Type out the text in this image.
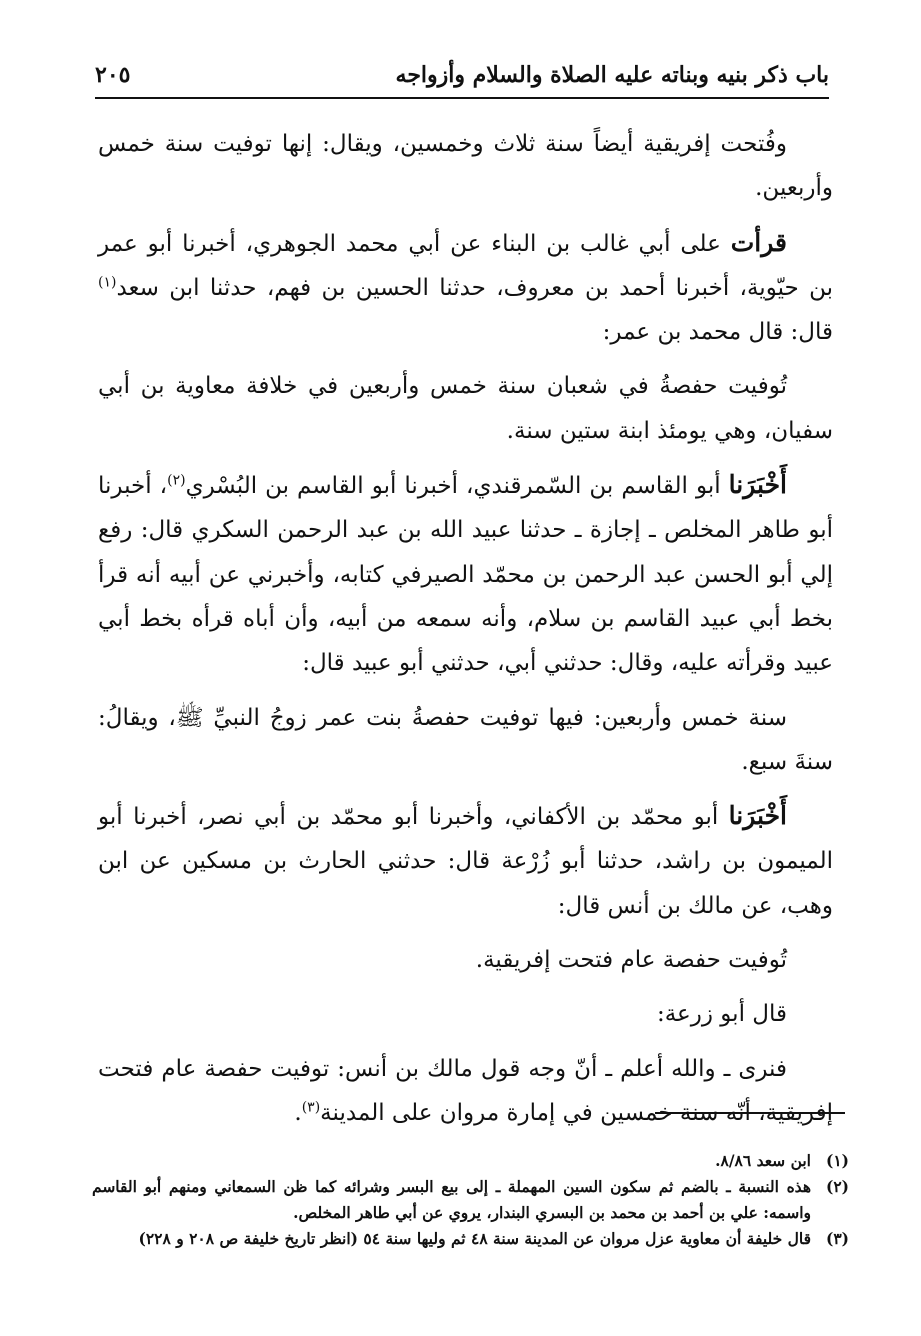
باب ذكر بنيه وبناته عليه الصلاة والسلام وأزواجه
٢٠٥

وفُتحت إفريقية أيضاً سنة ثلاث وخمسين، ويقال: إنها توفيت سنة خمس وأربعين.

قرأت على أبي غالب بن البناء عن أبي محمد الجوهري، أخبرنا أبو عمر بن حيّوية، أخبرنا أحمد بن معروف، حدثنا الحسين بن فهم، حدثنا ابن سعد$^{(١)}$ قال: قال محمد بن عمر:

تُوفيت حفصةُ في شعبان سنة خمس وأربعين في خلافة معاوية بن أبي سفيان، وهي يومئذ ابنة ستين سنة.

أَخْبَرَنا أبو القاسم بن السّمرقندي، أخبرنا أبو القاسم بن البُسْري$^{(٢)}$، أخبرنا أبو طاهر المخلص ـ إجازة ـ حدثنا عبيد الله بن عبد الرحمن السكري قال: رفع إلي أبو الحسن عبد الرحمن بن محمّد الصيرفي كتابه، وأخبرني عن أبيه أنه قرأ بخط أبي عبيد القاسم بن سلام، وأنه سمعه من أبيه، وأن أباه قرأه بخط أبي عبيد وقرأته عليه، وقال: حدثني أبي، حدثني أبو عبيد قال:

سنة خمس وأربعين: فيها توفيت حفصةُ بنت عمر زوجُ النبيِّ ﷺ، ويقالُ: سنةَ سبع.

أَخْبَرَنا أبو محمّد بن الأكفاني، وأخبرنا أبو محمّد بن أبي نصر، أخبرنا أبو الميمون بن راشد، حدثنا أبو زُرْعة قال: حدثني الحارث بن مسكين عن ابن وهب، عن مالك بن أنس قال:

تُوفيت حفصة عام فتحت إفريقية.

قال أبو زرعة:

فنرى ـ والله أعلم ـ أنّ وجه قول مالك بن أنس: توفيت حفصة عام فتحت إفريقية، أنّه سنة خمسين في إمارة مروان على المدينة$^{(٣)}$.

(١)
ابن سعد ٨/٨٦.
(٢)
هذه النسبة ـ بالضم ثم سكون السين المهملة ـ إلى بيع البسر وشرائه كما ظن السمعاني ومنهم أبو القاسم واسمه: علي بن أحمد بن محمد بن البسري البندار، يروي عن أبي طاهر المخلص.
(٣)
قال خليفة أن معاوية عزل مروان عن المدينة سنة ٤٨ ثم وليها سنة ٥٤ (انظر تاريخ خليفة ص ٢٠٨ و ٢٢٨)
